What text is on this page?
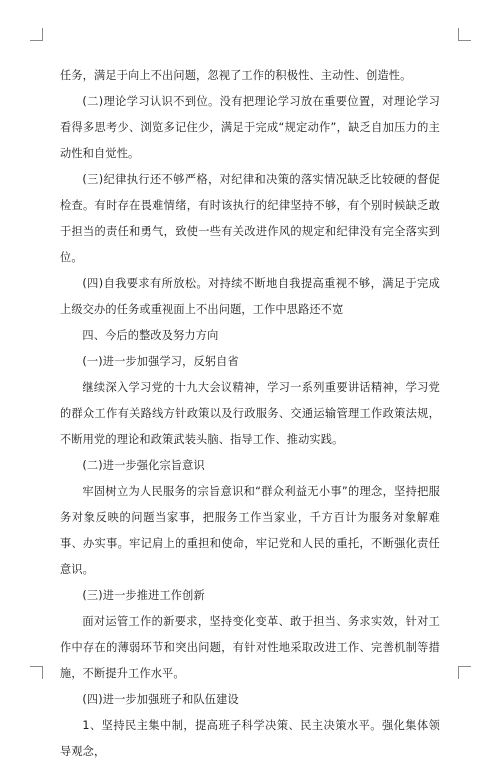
任务，满足于向上不出问题，忽视了工作的积极性、主动性、创造性。

(二)理论学习认识不到位。没有把理论学习放在重要位置，对理论学习看得多思考少、浏览多记住少，满足于完成“规定动作”，缺乏自加压力的主动性和自觉性。

(三)纪律执行还不够严格，对纪律和决策的落实情况缺乏比较硬的督促检查。有时存在畏难情绪，有时该执行的纪律坚持不够，有个别时候缺乏敢于担当的责任和勇气，致使一些有关改进作风的规定和纪律没有完全落实到位。

(四)自我要求有所放松。对持续不断地自我提高重视不够，满足于完成上级交办的任务或重视面上不出问题，工作中思路还不宽

四、今后的整改及努力方向

(一)进一步加强学习，反躬自省

继续深入学习党的十九大会议精神，学习一系列重要讲话精神，学习党的群众工作有关路线方针政策以及行政服务、交通运输管理工作政策法规，不断用党的理论和政策武装头脑、指导工作、推动实践。

(二)进一步强化宗旨意识

牢固树立为人民服务的宗旨意识和“群众利益无小事”的理念，坚持把服务对象反映的问题当家事，把服务工作当家业，千方百计为服务对象解难事、办实事。牢记肩上的重担和使命，牢记党和人民的重托，不断强化责任意识。

(三)进一步推进工作创新

面对运管工作的新要求，坚持变化变革、敢于担当、务求实效，针对工作中存在的薄弱环节和突出问题，有针对性地采取改进工作、完善机制等措施，不断提升工作水平。

(四)进一步加强班子和队伍建设

1、坚持民主集中制，提高班子科学决策、民主决策水平。强化集体领导观念，
